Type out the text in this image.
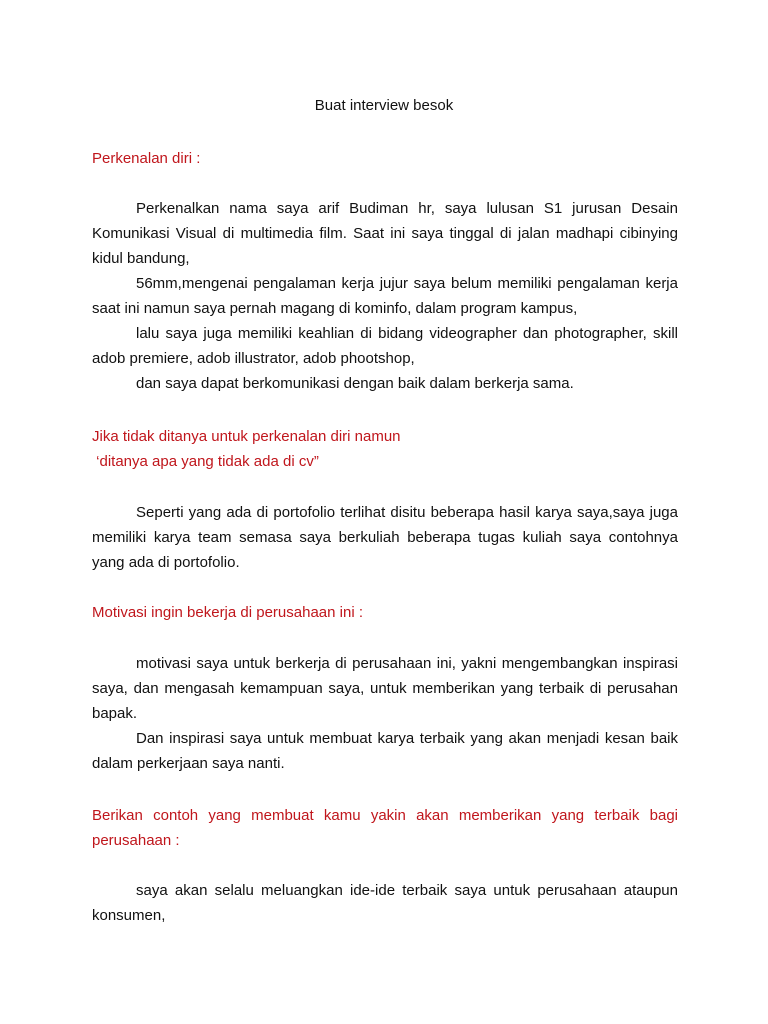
Buat interview besok

Perkenalan diri :

Perkenalkan nama saya arif Budiman hr, saya lulusan S1 jurusan Desain Komunikasi Visual di multimedia film. Saat ini saya tinggal di jalan madhapi cibinying kidul bandung,

56mm,mengenai pengalaman kerja jujur saya belum memiliki pengalaman kerja saat ini namun saya pernah magang di kominfo, dalam program kampus,

lalu saya juga memiliki keahlian di bidang videographer dan photographer, skill adob premiere, adob illustrator, adob phootshop,

dan saya dapat berkomunikasi dengan baik dalam berkerja sama.

Jika tidak ditanya untuk perkenalan diri namun
‘ditanya apa yang tidak ada di cv”

Seperti yang ada di portofolio terlihat disitu beberapa hasil karya saya,saya juga memiliki karya team semasa saya berkuliah beberapa tugas kuliah saya contohnya yang ada di portofolio.

Motivasi ingin bekerja di perusahaan ini :

motivasi saya untuk berkerja di perusahaan ini, yakni mengembangkan inspirasi saya, dan mengasah kemampuan saya, untuk memberikan yang terbaik di perusahan bapak.

Dan inspirasi saya untuk membuat karya terbaik yang akan menjadi kesan baik dalam perkerjaan saya nanti.

Berikan contoh yang membuat kamu yakin akan memberikan yang terbaik bagi perusahaan :

saya akan selalu meluangkan ide-ide terbaik saya untuk perusahaan ataupun konsumen,
